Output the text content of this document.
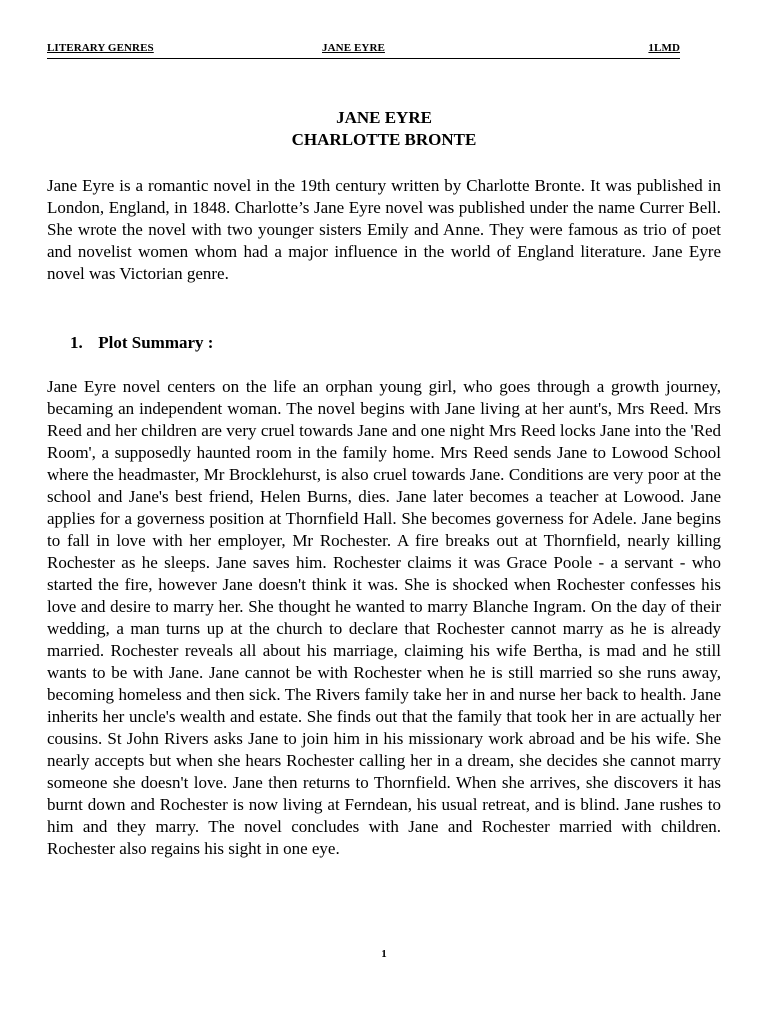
LITERARY GENRES	JANE EYRE	1LMD
JANE EYRE
CHARLOTTE BRONTE

Jane Eyre is a romantic novel in the 19th century written by Charlotte Bronte. It was published in London, England, in 1848. Charlotte’s Jane Eyre novel was published under the name Currer Bell. She wrote the novel with two younger sisters Emily and Anne. They were famous as trio of poet and novelist women whom had a major influence in the world of England literature. Jane Eyre novel was Victorian genre.

1. Plot Summary :

Jane Eyre novel centers on the life an orphan young girl, who goes through a growth journey, becaming an independent woman. The novel begins with Jane living at her aunt's, Mrs Reed. Mrs Reed and her children are very cruel towards Jane and one night Mrs Reed locks Jane into the 'Red Room', a supposedly haunted room in the family home. Mrs Reed sends Jane to Lowood School where the headmaster, Mr Brocklehurst, is also cruel towards Jane. Conditions are very poor at the school and Jane's best friend, Helen Burns, dies. Jane later becomes a teacher at Lowood. Jane applies for a governess position at Thornfield Hall. She becomes governess for Adele. Jane begins to fall in love with her employer, Mr Rochester. A fire breaks out at Thornfield, nearly killing Rochester as he sleeps. Jane saves him. Rochester claims it was Grace Poole - a servant - who started the fire, however Jane doesn't think it was. She is shocked when Rochester confesses his love and desire to marry her. She thought he wanted to marry Blanche Ingram. On the day of their wedding, a man turns up at the church to declare that Rochester cannot marry as he is already married. Rochester reveals all about his marriage, claiming his wife Bertha, is mad and he still wants to be with Jane. Jane cannot be with Rochester when he is still married so she runs away, becoming homeless and then sick. The Rivers family take her in and nurse her back to health. Jane inherits her uncle's wealth and estate. She finds out that the family that took her in are actually her cousins. St John Rivers asks Jane to join him in his missionary work abroad and be his wife. She nearly accepts but when she hears Rochester calling her in a dream, she decides she cannot marry someone she doesn't love. Jane then returns to Thornfield. When she arrives, she discovers it has burnt down and Rochester is now living at Ferndean, his usual retreat, and is blind. Jane rushes to him and they marry. The novel concludes with Jane and Rochester married with children. Rochester also regains his sight in one eye.

1
